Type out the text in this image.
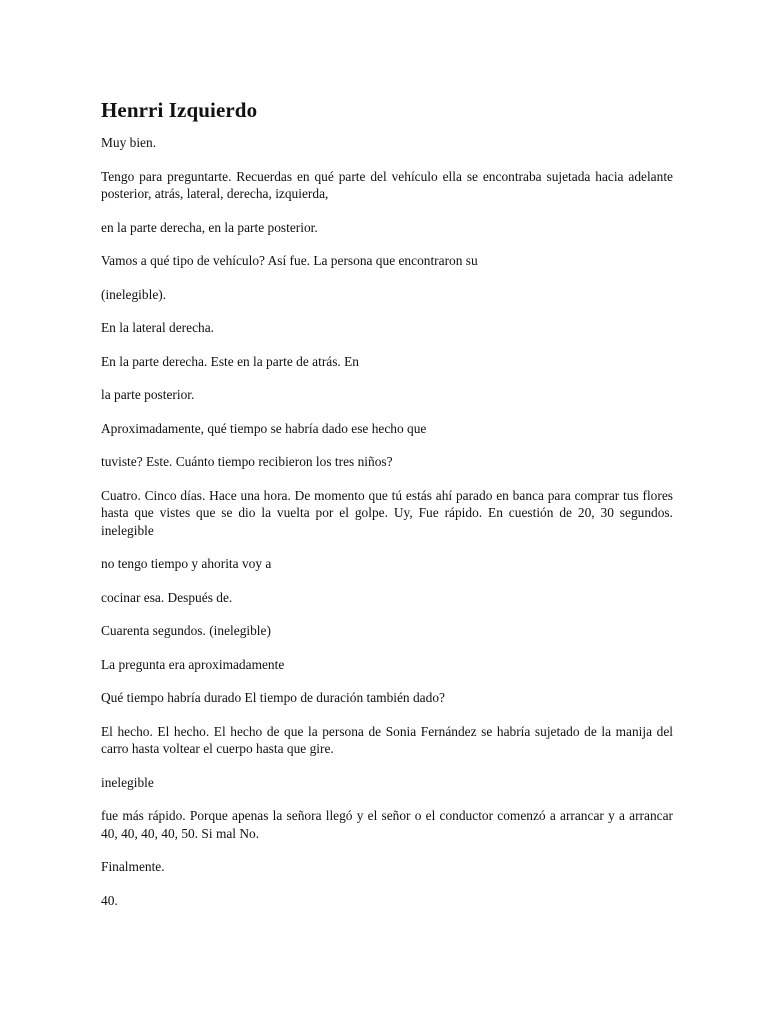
Henrri Izquierdo

Muy bien.

Tengo para preguntarte. Recuerdas en qué parte del vehículo ella se encontraba sujetada hacia adelante posterior, atrás, lateral, derecha, izquierda,

en la parte derecha, en la parte posterior.

Vamos a qué tipo de vehículo? Así fue. La persona que encontraron su

(inelegible).

En la lateral derecha.

En la parte derecha. Este en la parte de atrás. En

la parte posterior.

Aproximadamente, qué tiempo se habría dado ese hecho que

tuviste? Este. Cuánto tiempo recibieron los tres niños?

Cuatro. Cinco días. Hace una hora. De momento que tú estás ahí parado en banca para comprar tus flores hasta que vistes que se dio la vuelta por el golpe. Uy, Fue rápido. En cuestión de 20, 30 segundos. inelegible

no tengo tiempo y ahorita voy a

cocinar esa. Después de.

Cuarenta segundos. (inelegible)

La pregunta era aproximadamente

Qué tiempo habría durado El tiempo de duración también dado?

El hecho. El hecho. El hecho de que la persona de Sonia Fernández se habría sujetado de la manija del carro hasta voltear el cuerpo hasta que gire.

inelegible

fue más rápido. Porque apenas la señora llegó y el señor o el conductor comenzó a arrancar y a arrancar 40, 40, 40, 40, 50. Si mal No.

Finalmente.

40.
